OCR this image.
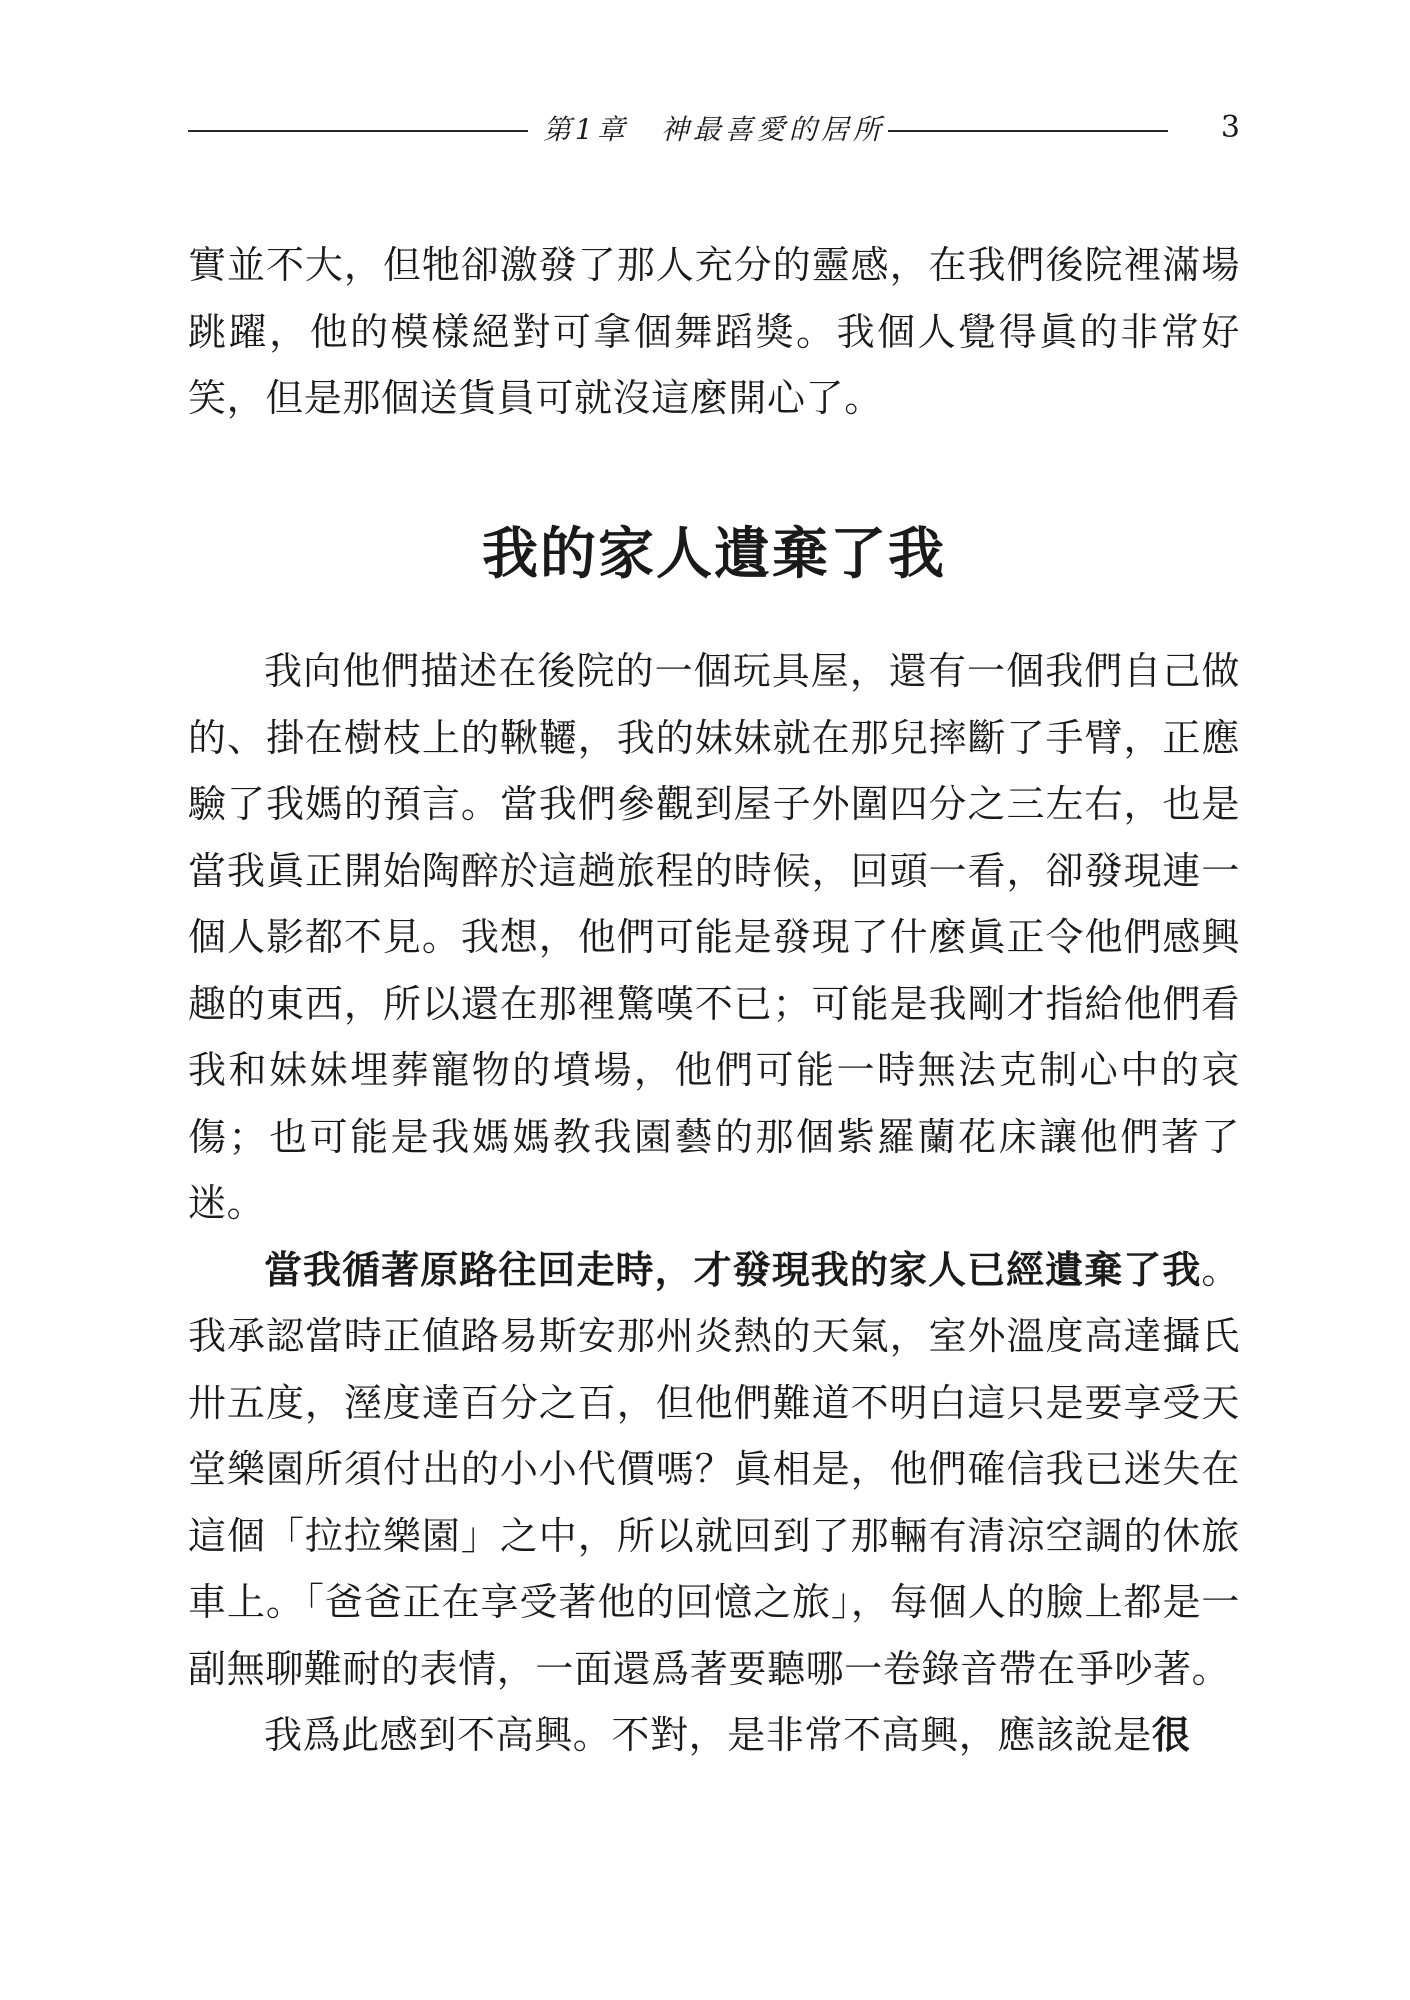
第1章　神最喜愛的居所	3

實並不大，但牠卻激發了那人充分的靈感，在我們後院裡滿場跳躍，他的模樣絕對可拿個舞蹈獎。我個人覺得眞的非常好笑，但是那個送貨員可就沒這麼開心了。

我的家人遺棄了我

我向他們描述在後院的一個玩具屋，還有一個我們自己做的、掛在樹枝上的鞦韆，我的妹妹就在那兒摔斷了手臂，正應驗了我媽的預言。當我們參觀到屋子外圍四分之三左右，也是當我眞正開始陶醉於這趟旅程的時候，回頭一看，卻發現連一個人影都不見。我想，他們可能是發現了什麼眞正令他們感興趣的東西，所以還在那裡驚嘆不已；可能是我剛才指給他們看我和妹妹埋葬寵物的墳場，他們可能一時無法克制心中的哀傷；也可能是我媽媽教我園藝的那個紫羅蘭花床讓他們著了迷。

當我循著原路往回走時，才發現我的家人已經遺棄了我。我承認當時正値路易斯安那州炎熱的天氣，室外溫度高達攝氏卅五度，溼度達百分之百，但他們難道不明白這只是要享受天堂樂園所須付出的小小代價嗎？眞相是，他們確信我已迷失在這個「拉拉樂園」之中，所以就回到了那輛有清涼空調的休旅車上。「爸爸正在享受著他的回憶之旅」，每個人的臉上都是一副無聊難耐的表情，一面還爲著要聽哪一卷錄音帶在爭吵著。

我爲此感到不高興。不對，是非常不高興，應該說是很
